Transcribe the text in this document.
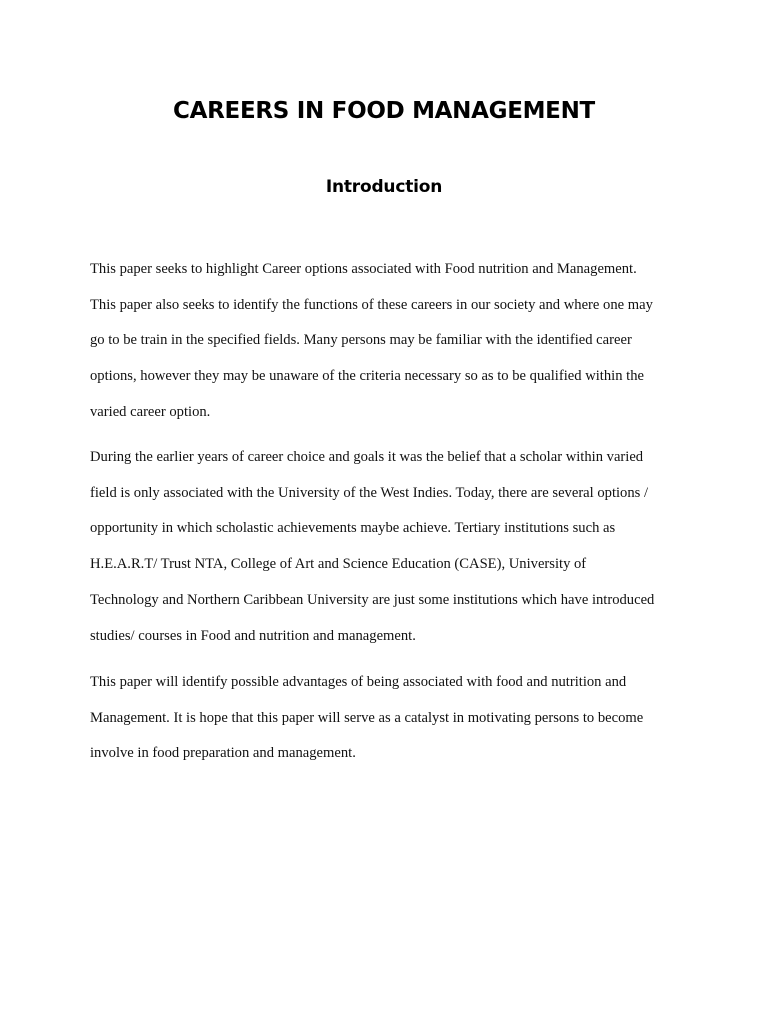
CAREERS IN FOOD MANAGEMENT
Introduction

This paper seeks to highlight Career options associated with Food nutrition and Management.
This paper also seeks to identify the functions of these careers in our society and where one may
go to be train in the specified fields. Many persons may be familiar with the identified career
options, however they may be unaware of the criteria necessary so as to be qualified within the
varied career option.

During the earlier years of career choice and goals it was the belief that a scholar within varied
field is only associated with the University of the West Indies. Today, there are several options /
opportunity in which scholastic achievements maybe achieve. Tertiary institutions such as
H.E.A.R.T/ Trust NTA, College of Art and Science Education (CASE), University of
Technology and Northern Caribbean University are just some institutions which have introduced
studies/ courses in Food and nutrition and management.

This paper will identify possible advantages of being associated with food and nutrition and
Management. It is hope that this paper will serve as a catalyst in motivating persons to become
involve in food preparation and management.
